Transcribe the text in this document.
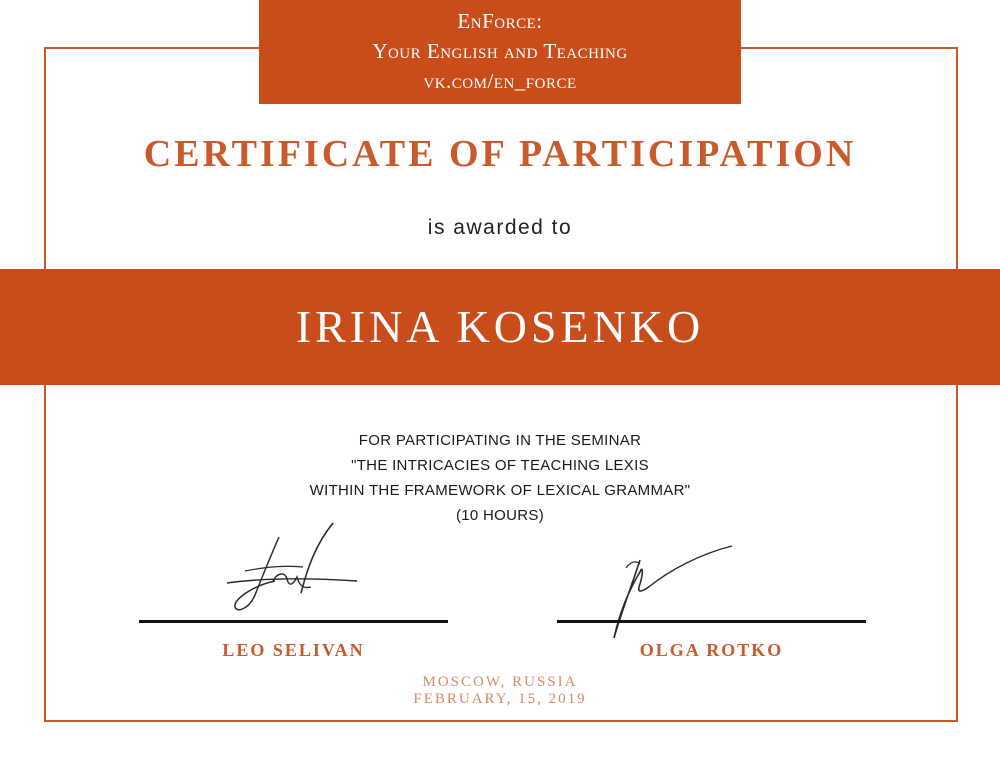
EnForce:
Your English and Teaching
vk.com/en_force
CERTIFICATE OF PARTICIPATION
is awarded to
IRINA KOSENKO
FOR PARTICIPATING IN THE SEMINAR
"THE INTRICACIES OF TEACHING LEXIS
WITHIN THE FRAMEWORK OF LEXICAL GRAMMAR"
(10 HOURS)
LEO SELIVAN	OLGA ROTKO
MOSCOW, RUSSIA
FEBRUARY, 15, 2019
